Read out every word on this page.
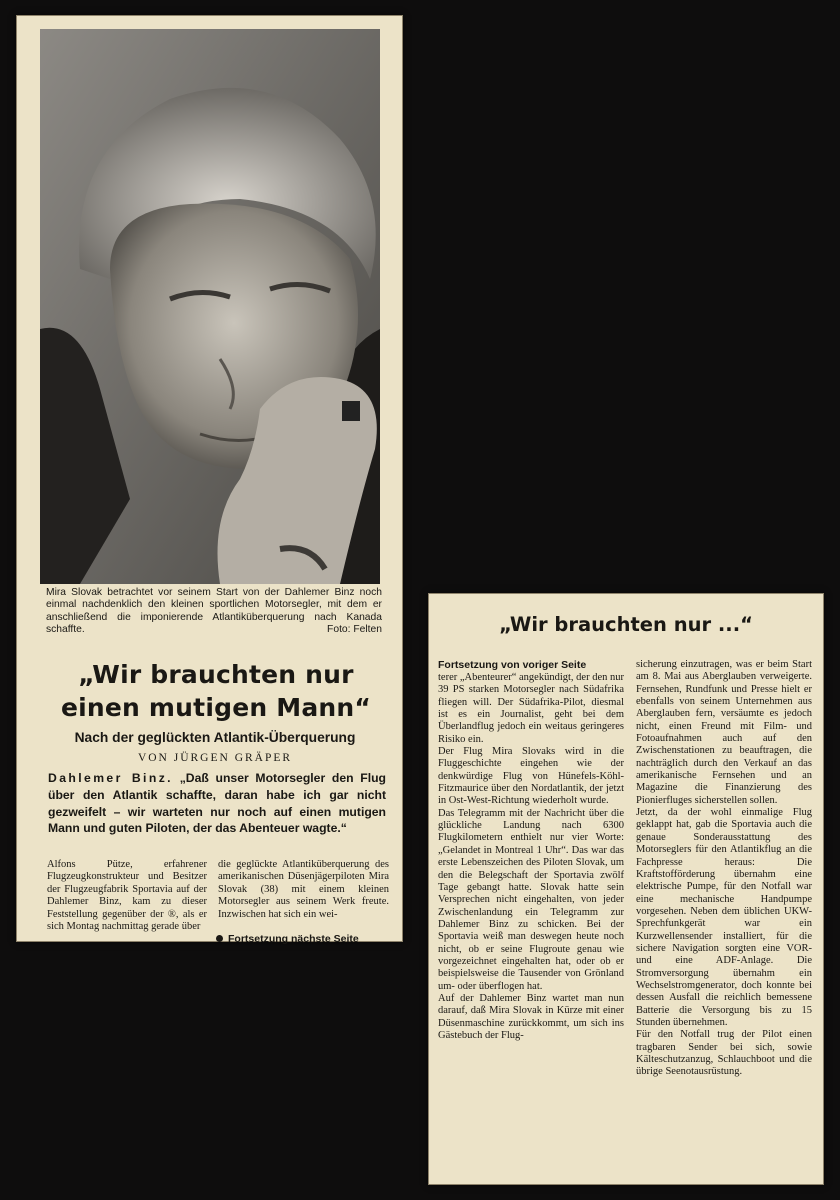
Mira Slovak betrachtet vor seinem Start von der Dahlemer Binz noch einmal nachdenklich den kleinen sportlichen Motorsegler, mit dem er anschließend die imponierende Atlantiküberquerung nach Kanada schaffte.	Foto: Felten
„Wir brauchten nur
einen mutigen Mann“
Nach der geglückten Atlantik-Überquerung
VON JÜRGEN GRÄPER
Dahlemer Binz. „Daß unser Motorsegler den Flug über den Atlantik schaffte, daran habe ich gar nicht gezweifelt – wir warteten nur noch auf einen mutigen Mann und guten Piloten, der das Abenteuer wagte.“

Alfons Pütze, erfahrener Flugzeugkonstrukteur und Besitzer der Flugzeugfabrik Sportavia auf der Dahlemer Binz, kam zu dieser Feststellung gegenüber der ®, als er sich Montag nachmittag gerade über

die geglückte Atlantiküberquerung des amerikanischen Düsenjägerpiloten Mira Slovak (38) mit einem kleinen Motorsegler aus seinem Werk freute. Inzwischen hat sich ein wei-

Fortsetzung nächste Seite
„Wir brauchten nur ...“
Fortsetzung von voriger Seite

terer „Abenteurer“ angekündigt, der den nur 39 PS starken Motorsegler nach Südafrika fliegen will. Der Südafrika-Pilot, diesmal ist es ein Journalist, geht bei dem Überlandflug jedoch ein weitaus geringeres Risiko ein.
Der Flug Mira Slovaks wird in die Fluggeschichte eingehen wie der denkwürdige Flug von Hünefels-Köhl-Fitzmaurice über den Nordatlantik, der jetzt in Ost-West-Richtung wiederholt wurde.
Das Telegramm mit der Nachricht über die glückliche Landung nach 6300 Flugkilometern enthielt nur vier Worte: „Gelandet in Montreal 1 Uhr“. Das war das erste Lebenszeichen des Piloten Slovak, um den die Belegschaft der Sportavia zwölf Tage gebangt hatte. Slovak hatte sein Versprechen nicht eingehalten, von jeder Zwischenlandung ein Telegramm zur Dahlemer Binz zu schicken. Bei der Sportavia weiß man deswegen heute noch nicht, ob er seine Flugroute genau wie vorgezeichnet eingehalten hat, oder ob er beispielsweise die Tausender von Grönland um- oder überflogen hat.
Auf der Dahlemer Binz wartet man nun darauf, daß Mira Slovak in Kürze mit einer Düsenmaschine zurückkommt, um sich ins Gästebuch der Flug-

sicherung einzutragen, was er beim Start am 8. Mai aus Aberglauben verweigerte. Fernsehen, Rundfunk und Presse hielt er ebenfalls von seinem Unternehmen aus Aberglauben fern, versäumte es jedoch nicht, einen Freund mit Film- und Fotoaufnahmen auch auf den Zwischenstationen zu beauftragen, die nachträglich durch den Verkauf an das amerikanische Fernsehen und an Magazine die Finanzierung des Pionierfluges sicherstellen sollen.
Jetzt, da der wohl einmalige Flug geklappt hat, gab die Sportavia auch die genaue Sonderausstattung des Motorseglers für den Atlantikflug an die Fachpresse heraus: Die Kraftstofförderung übernahm eine elektrische Pumpe, für den Notfall war eine mechanische Handpumpe vorgesehen. Neben dem üblichen UKW-Sprechfunkgerät war ein Kurzwellensender installiert, für die sichere Navigation sorgten eine VOR- und eine ADF-Anlage. Die Stromversorgung übernahm ein Wechselstromgenerator, doch konnte bei dessen Ausfall die reichlich bemessene Batterie die Versorgung bis zu 15 Stunden übernehmen.
Für den Notfall trug der Pilot einen tragbaren Sender bei sich, sowie Kälteschutzanzug, Schlauchboot und die übrige Seenotausrüstung.
